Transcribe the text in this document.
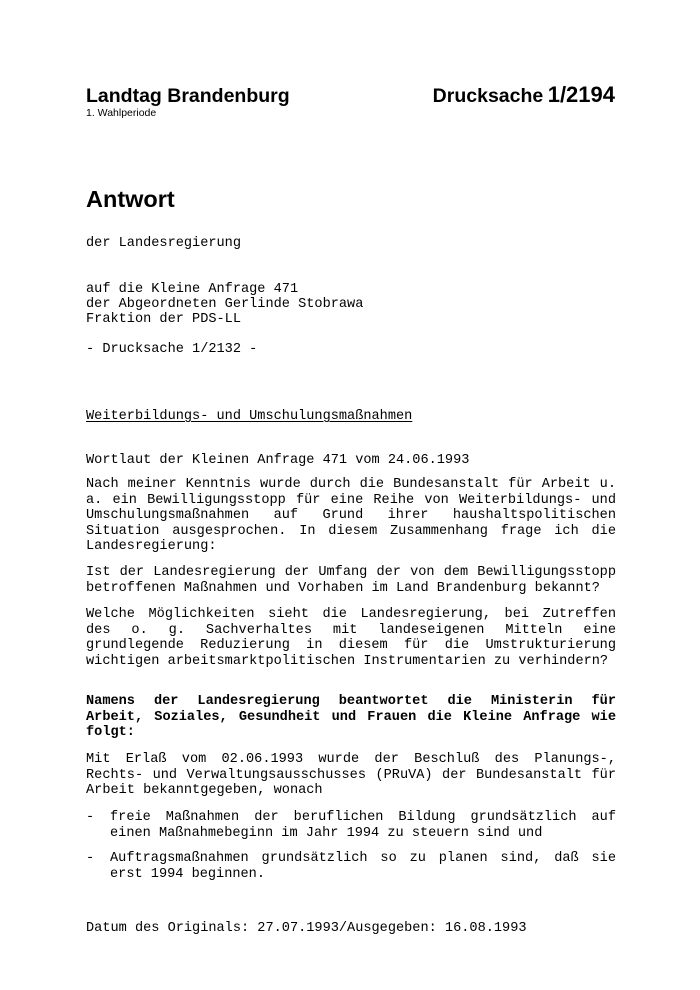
Landtag Brandenburg
1. Wahlperiode
Drucksache 1/2194
Antwort

der Landesregierung

auf die Kleine Anfrage 471

der Abgeordneten Gerlinde Stobrawa

Fraktion der PDS-LL

- Drucksache 1/2132 -

Weiterbildungs- und Umschulungsmaßnahmen

Wortlaut der Kleinen Anfrage 471 vom 24.06.1993

Nach meiner Kenntnis wurde durch die Bundesanstalt für Arbeit u. a. ein Bewilligungsstopp für eine Reihe von Weiterbildungs- und Umschulungsmaßnahmen auf Grund ihrer haushaltspolitischen Situation ausgesprochen. In diesem Zusammenhang frage ich die Landesregierung:

Ist der Landesregierung der Umfang der von dem Bewilligungsstopp betroffenen Maßnahmen und Vorhaben im Land Brandenburg bekannt?

Welche Möglichkeiten sieht die Landesregierung, bei Zutreffen des o. g. Sachverhaltes mit landeseigenen Mitteln eine grundlegende Reduzierung in diesem für die Umstrukturierung wichtigen arbeitsmarktpolitischen Instrumentarien zu verhindern?

Namens der Landesregierung beantwortet die Ministerin für Arbeit, Soziales, Gesundheit und Frauen die Kleine Anfrage wie folgt:

Mit Erlaß vom 02.06.1993 wurde der Beschluß des Planungs-, Rechts- und Verwaltungsausschusses (PRuVA) der Bundesanstalt für Arbeit bekanntgegeben, wonach

- freie Maßnahmen der beruflichen Bildung grundsätzlich auf einen Maßnahmebeginn im Jahr 1994 zu steuern sind und
- Auftragsmaßnahmen grundsätzlich so zu planen sind, daß sie erst 1994 beginnen.

Datum des Originals: 27.07.1993/Ausgegeben: 16.08.1993
